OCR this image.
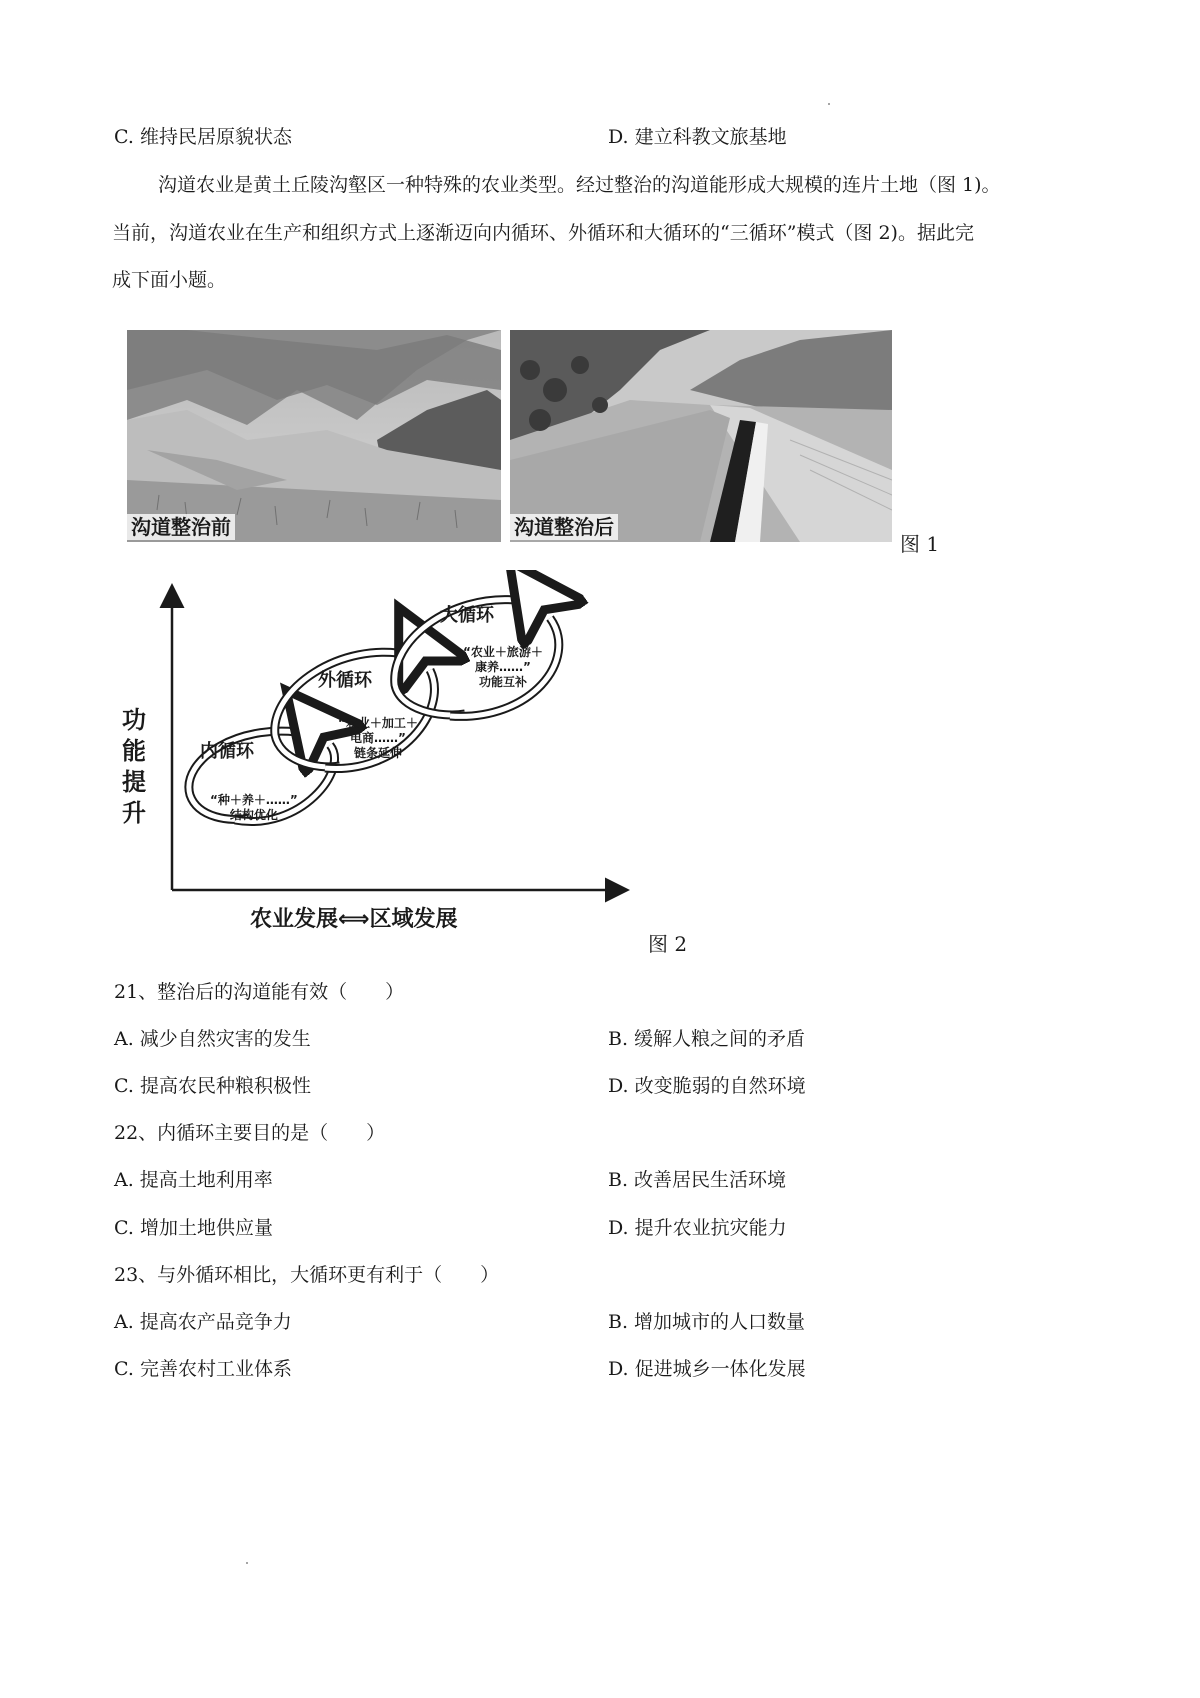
C. 维持民居原貌状态	D. 建立科教文旅基地
沟道农业是黄土丘陵沟壑区一种特殊的农业类型。经过整治的沟道能形成大规模的连片土地（图 1)。
当前，沟道农业在生产和组织方式上逐渐迈向内循环、外循环和大循环的“三循环”模式（图 2)。据此完
成下面小题。
沟道整治前	沟道整治后
图 1
功能提升
农业发展⟺区域发展
内循环
外循环
大循环
“种＋养＋……”
结构优化
“农业＋加工＋
电商……”
链条延伸
“农业＋旅游＋
康养……”
功能互补
图 2
21、整治后的沟道能有效（　　）
A. 减少自然灾害的发生	B. 缓解人粮之间的矛盾
C. 提高农民种粮积极性	D. 改变脆弱的自然环境
22、内循环主要目的是（　　）
A. 提高土地利用率	B. 改善居民生活环境
C. 增加土地供应量	D. 提升农业抗灾能力
23、与外循环相比，大循环更有利于（　　）
A. 提高农产品竞争力	B. 增加城市的人口数量
C. 完善农村工业体系	D. 促进城乡一体化发展
